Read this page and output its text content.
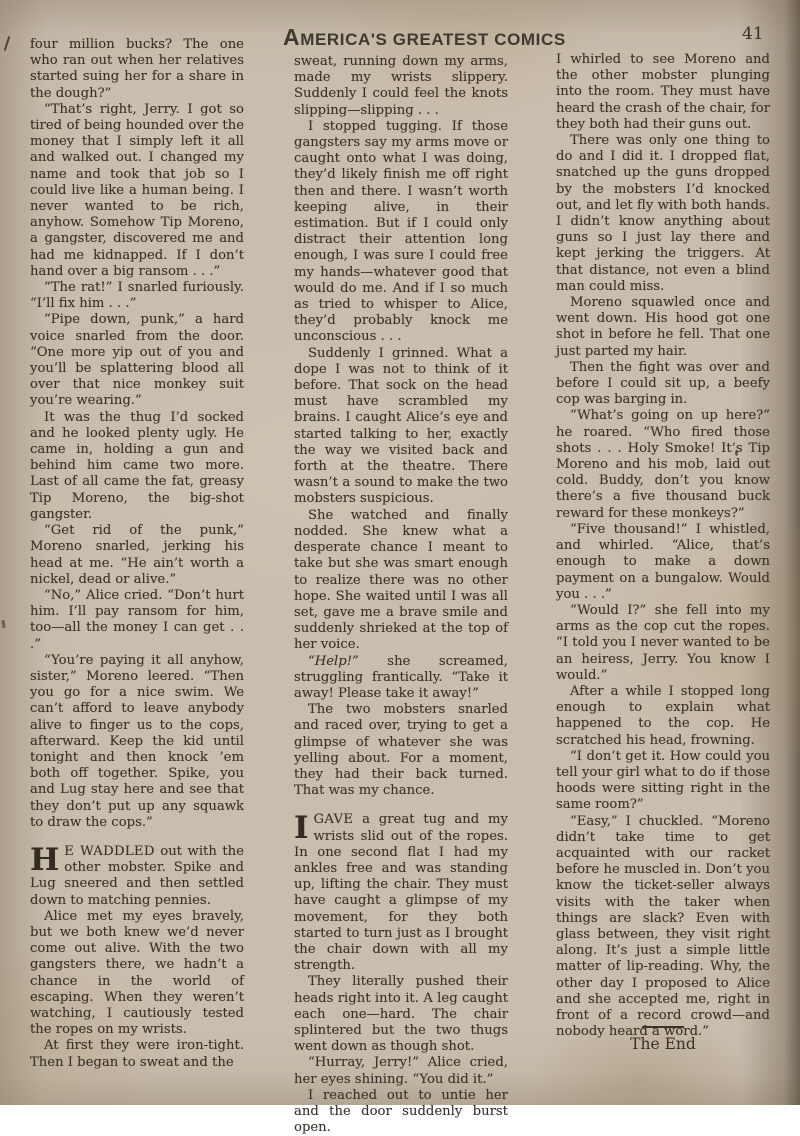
AMERICA'S GREATEST COMICS	41

four million bucks? The one who ran out when her relatives started suing her for a share in the dough?”

“That’s right, Jerry. I got so tired of being hounded over the money that I simply left it all and walked out. I changed my name and took that job so I could live like a human being. I never wanted to be rich, anyhow. Somehow Tip Moreno, a gangster, discovered me and had me kidnapped. If I don’t hand over a big ransom . . .”

“The rat!” I snarled furiously. “I’ll fix him . . .”

“Pipe down, punk,” a hard voice snarled from the door. “One more yip out of you and you’ll be splattering blood all over that nice monkey suit you’re wearing.”

It was the thug I’d socked and he looked plenty ugly. He came in, holding a gun and behind him came two more. Last of all came the fat, greasy Tip Moreno, the big-shot gangster.

“Get rid of the punk,” Moreno snarled, jerking his head at me. “He ain’t worth a nickel, dead or alive.”

“No,” Alice cried. “Don’t hurt him. I’ll pay ransom for him, too—all the money I can get . . .”

“You’re paying it all anyhow, sister,” Moreno leered. “Then you go for a nice swim. We can’t afford to leave anybody alive to finger us to the cops, afterward. Keep the kid until tonight and then knock ’em both off together. Spike, you and Lug stay here and see that they don’t put up any squawk to draw the cops.”

H E WADDLED out with the other mobster. Spike and Lug sneered and then settled down to matching pennies.

Alice met my eyes bravely, but we both knew we’d never come out alive. With the two gangsters there, we hadn’t a chance in the world of escaping. When they weren’t watching, I cautiously tested the ropes on my wrists.

At first they were iron-tight. Then I began to sweat and the

sweat, running down my arms, made my wrists slippery. Suddenly I could feel the knots slipping—slipping . . .

I stopped tugging. If those gangsters say my arms move or caught onto what I was doing, they’d likely finish me off right then and there. I wasn’t worth keeping alive, in their estimation. But if I could only distract their attention long enough, I was sure I could free my hands—whatever good that would do me. And if I so much as tried to whisper to Alice, they’d probably knock me unconscious . . .

Suddenly I grinned. What a dope I was not to think of it before. That sock on the head must have scrambled my brains. I caught Alice’s eye and started talking to her, exactly the way we visited back and forth at the theatre. There wasn’t a sound to make the two mobsters suspicious.

She watched and finally nodded. She knew what a desperate chance I meant to take but she was smart enough to realize there was no other hope. She waited until I was all set, gave me a brave smile and suddenly shrieked at the top of her voice.

“Help!” she screamed, struggling frantically. “Take it away! Please take it away!”

The two mobsters snarled and raced over, trying to get a glimpse of whatever she was yelling about. For a moment, they had their back turned. That was my chance.

IGAVE a great tug and my wrists slid out of the ropes. In one second flat I had my ankles free and was standing up, lifting the chair. They must have caught a glimpse of my movement, for they both started to turn just as I brought the chair down with all my strength.

They literally pushed their heads right into it. A leg caught each one—hard. The chair splintered but the two thugs went down as though shot.

“Hurray, Jerry!” Alice cried, her eyes shining. “You did it.”

I reached out to untie her and the door suddenly burst open.

I whirled to see Moreno and the other mobster plunging into the room. They must have heard the crash of the chair, for they both had their guns out.

There was only one thing to do and I did it. I dropped flat, snatched up the guns dropped by the mobsters I’d knocked out, and let fly with both hands. I didn’t know anything about guns so I just lay there and kept jerking the triggers. At that distance, not even a blind man could miss.

Moreno squawled once and went down. His hood got one shot in before he fell. That one just parted my hair.

Then the fight was over and before I could sit up, a beefy cop was barging in.

“What’s going on up here?” he roared. “Who fired those shots . . . Holy Smoke! It’s Tip Moreno and his mob, laid out cold. Buddy, don’t you know there’s a five thousand buck reward for these monkeys?”

“Five thousand!” I whistled, and whirled. “Alice, that’s enough to make a down payment on a bungalow. Would you . . .”

“Would I?” she fell into my arms as the cop cut the ropes. “I told you I never wanted to be an heiress, Jerry. You know I would.”

After a while I stopped long enough to explain what happened to the cop. He scratched his head, frowning.

“I don’t get it. How could you tell your girl what to do if those hoods were sitting right in the same room?”

“Easy,” I chuckled. “Moreno didn’t take time to get acquainted with our racket before he muscled in. Don’t you know the ticket-seller always visits with the taker when things are slack? Even with glass between, they visit right along. It’s just a simple little matter of lip-reading. Why, the other day I proposed to Alice and she accepted me, right in front of a record crowd—and nobody heard a word.”

The End
